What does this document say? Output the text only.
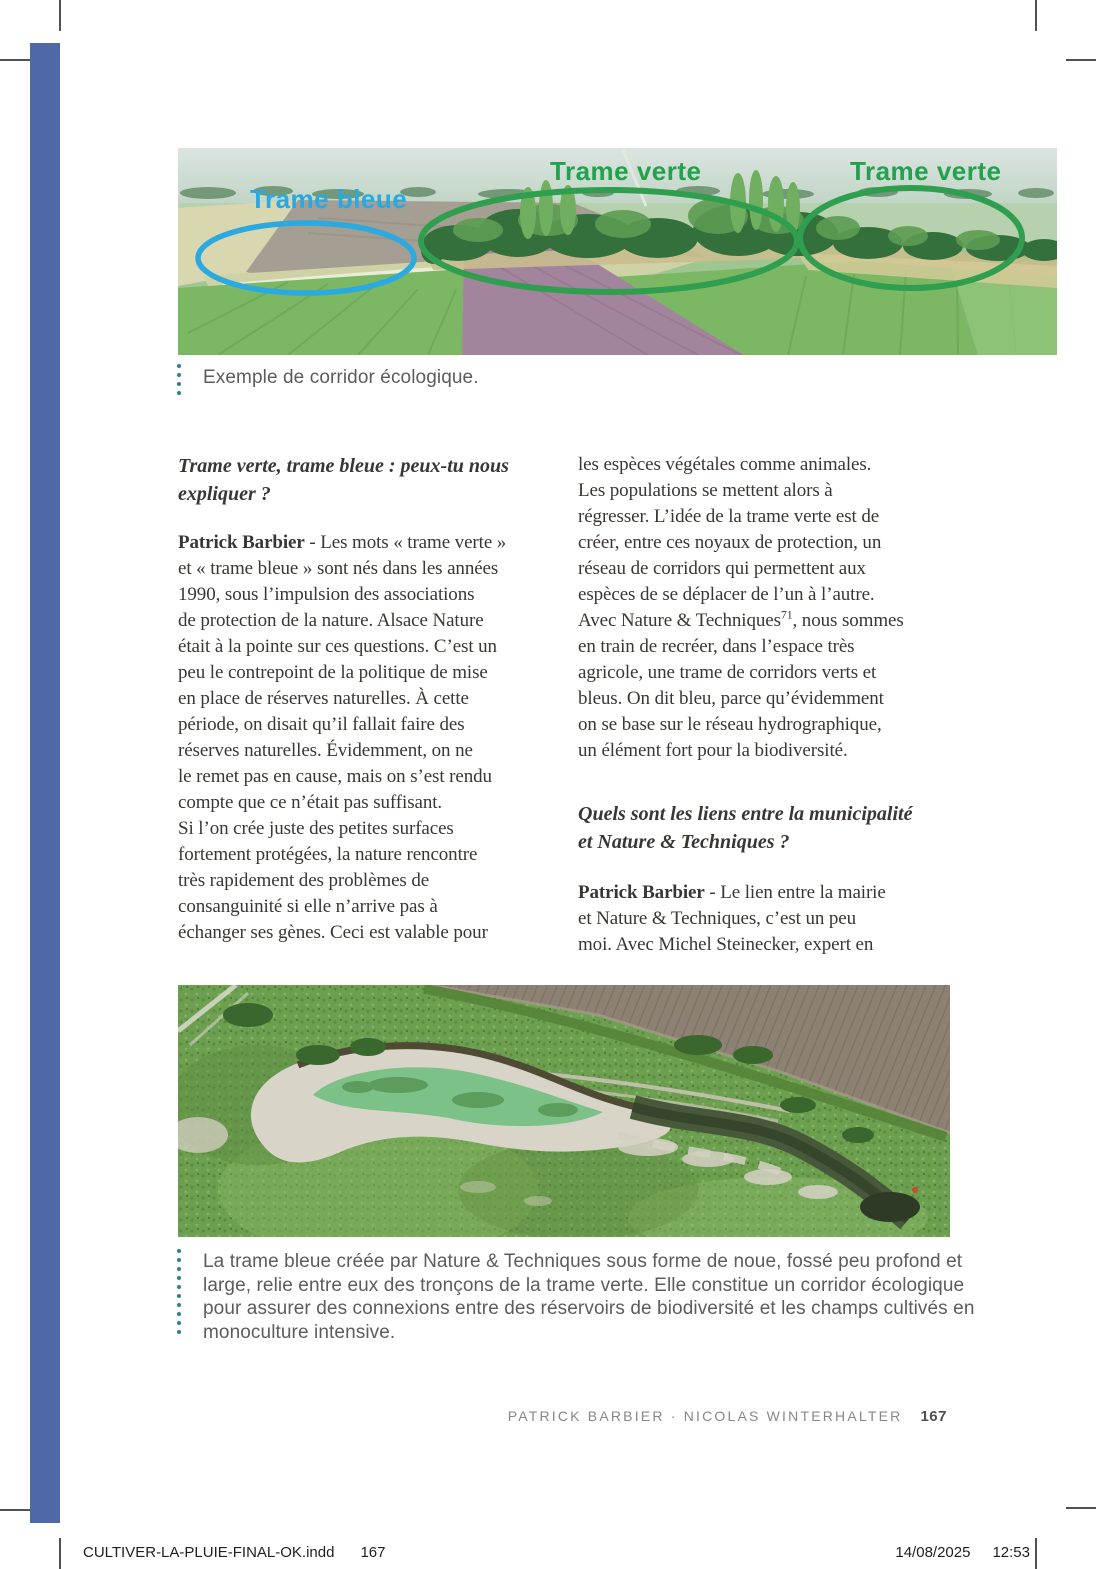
Trame bleue
Trame verte	Trame verte
Exemple de corridor écologique.
Trame verte, trame bleue : peux-tu nous
expliquer ?
Patrick Barbier - Les mots « trame verte »
et « trame bleue » sont nés dans les années
1990, sous l’impulsion des associations
de protection de la nature. Alsace Nature
était à la pointe sur ces questions. C’est un
peu le contrepoint de la politique de mise
en place de réserves naturelles. À cette
période, on disait qu’il fallait faire des
réserves naturelles. Évidemment, on ne
le remet pas en cause, mais on s’est rendu
compte que ce n’était pas suffisant.
Si l’on crée juste des petites surfaces
fortement protégées, la nature rencontre
très rapidement des problèmes de
consanguinité si elle n’arrive pas à
échanger ses gènes. Ceci est valable pour
les espèces végétales comme animales.
Les populations se mettent alors à
régresser. L’idée de la trame verte est de
créer, entre ces noyaux de protection, un
réseau de corridors qui permettent aux
espèces de se déplacer de l’un à l’autre.
Avec Nature & Techniques$^{71}$, nous sommes
en train de recréer, dans l’espace très
agricole, une trame de corridors verts et
bleus. On dit bleu, parce qu’évidemment
on se base sur le réseau hydrographique,
un élément fort pour la biodiversité.
Quels sont les liens entre la municipalité
et Nature & Techniques ?
Patrick Barbier - Le lien entre la mairie
et Nature & Techniques, c’est un peu
moi. Avec Michel Steinecker, expert en
La trame bleue créée par Nature & Techniques sous forme de noue, fossé peu profond et
large, relie entre eux des tronçons de la trame verte. Elle constitue un corridor écologique
pour assurer des connexions entre des réservoirs de biodiversité et les champs cultivés en
monoculture intensive.
PATRICK BARBIER · NICOLAS WINTERHALTER 167
CULTIVER-LA-PLUIE-FINAL-OK.indd 167	14/08/2025 12:53
